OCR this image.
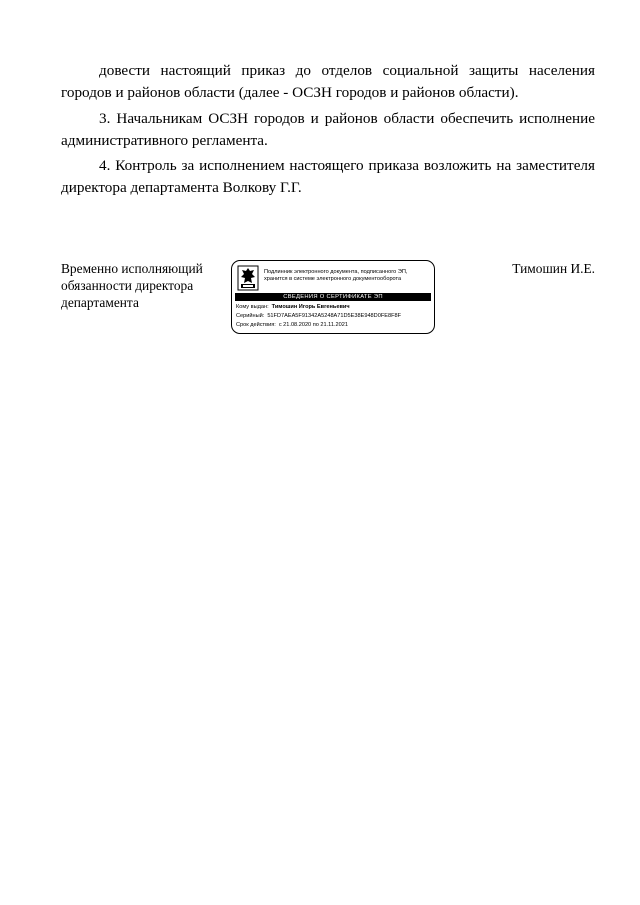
довести настоящий приказ до отделов социальной защиты населения
городов и районов области (далее - ОСЗН городов и районов области).
3. Начальникам ОСЗН городов и районов области обеспечить исполнение
административного регламента.
4. Контроль за исполнением настоящего приказа возложить на заместителя
директора департамента Волкову Г.Г.
Временно исполняющий
обязанности директора
департамента
Подлинник электронного документа, подписанного ЭП,
хранится в системе электронного документооборота
СВЕДЕНИЯ О СЕРТИФИКАТЕ ЭП
Кому выдан: Тимошин Игорь Евгеньевич
Серийный: 51FD7AEA5F91342A5248A71D5E38E948D0FE8F8F
Срок действия: с 21.08.2020 по 21.11.2021
Тимошин И.Е.
